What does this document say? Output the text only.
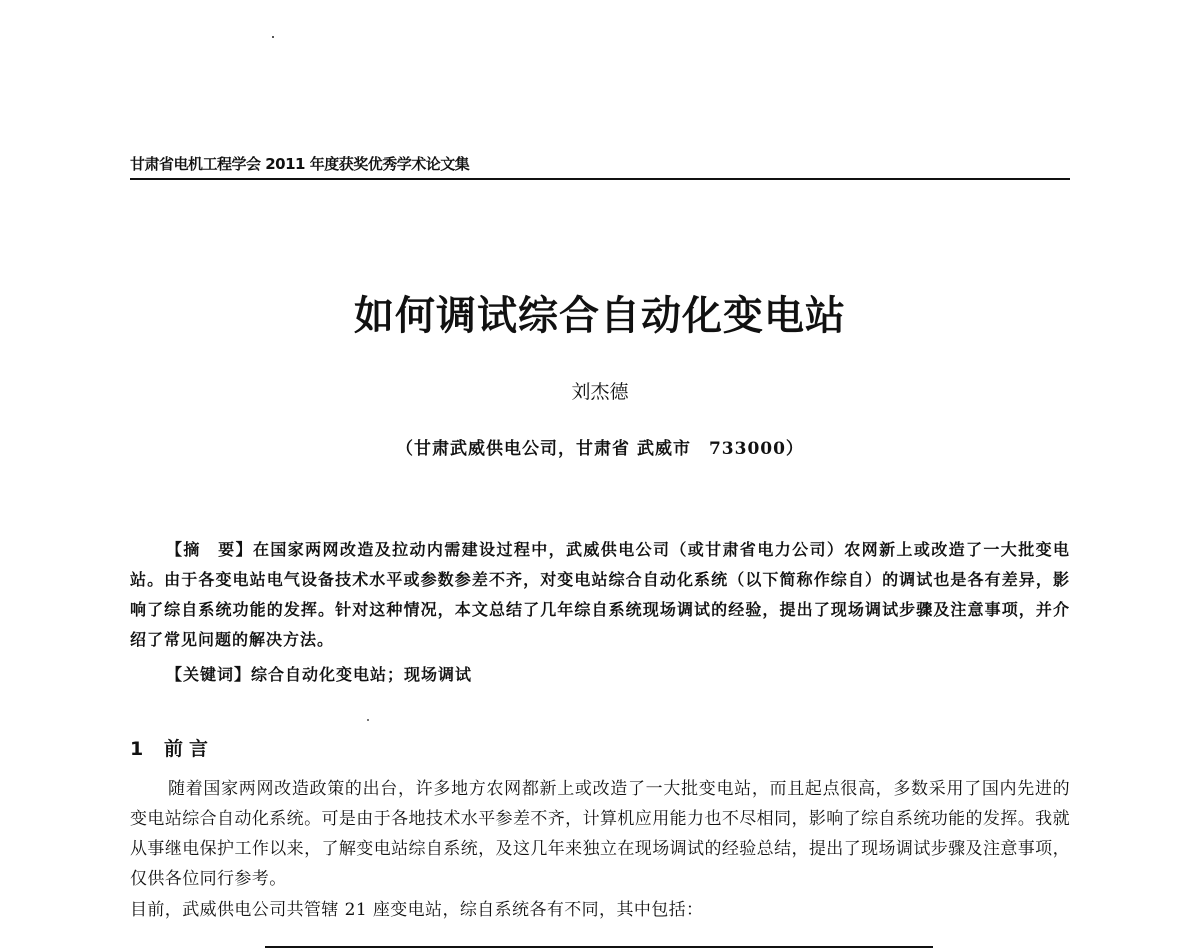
甘肃省电机工程学会 2011 年度获奖优秀学术论文集
如何调试综合自动化变电站
刘杰德
（甘肃武威供电公司，甘肃省 武威市　733000）

【摘　要】在国家两网改造及拉动内需建设过程中，武威供电公司（或甘肃省电力公司）农网新上或改造了一大批变电站。由于各变电站电气设备技术水平或参数参差不齐，对变电站综合自动化系统（以下简称作综自）的调试也是各有差异，影响了综自系统功能的发挥。针对这种情况，本文总结了几年综自系统现场调试的经验，提出了现场调试步骤及注意事项，并介绍了常见问题的解决方法。

【关键词】综合自动化变电站；现场调试
1 前言

随着国家两网改造政策的出台，许多地方农网都新上或改造了一大批变电站，而且起点很高，多数采用了国内先进的变电站综合自动化系统。可是由于各地技术水平参差不齐，计算机应用能力也不尽相同，影响了综自系统功能的发挥。我就从事继电保护工作以来，了解变电站综自系统，及这几年来独立在现场调试的经验总结，提出了现场调试步骤及注意事项，仅供各位同行参考。

目前，武威供电公司共管辖 21 座变电站，综自系统各有不同，其中包括：
